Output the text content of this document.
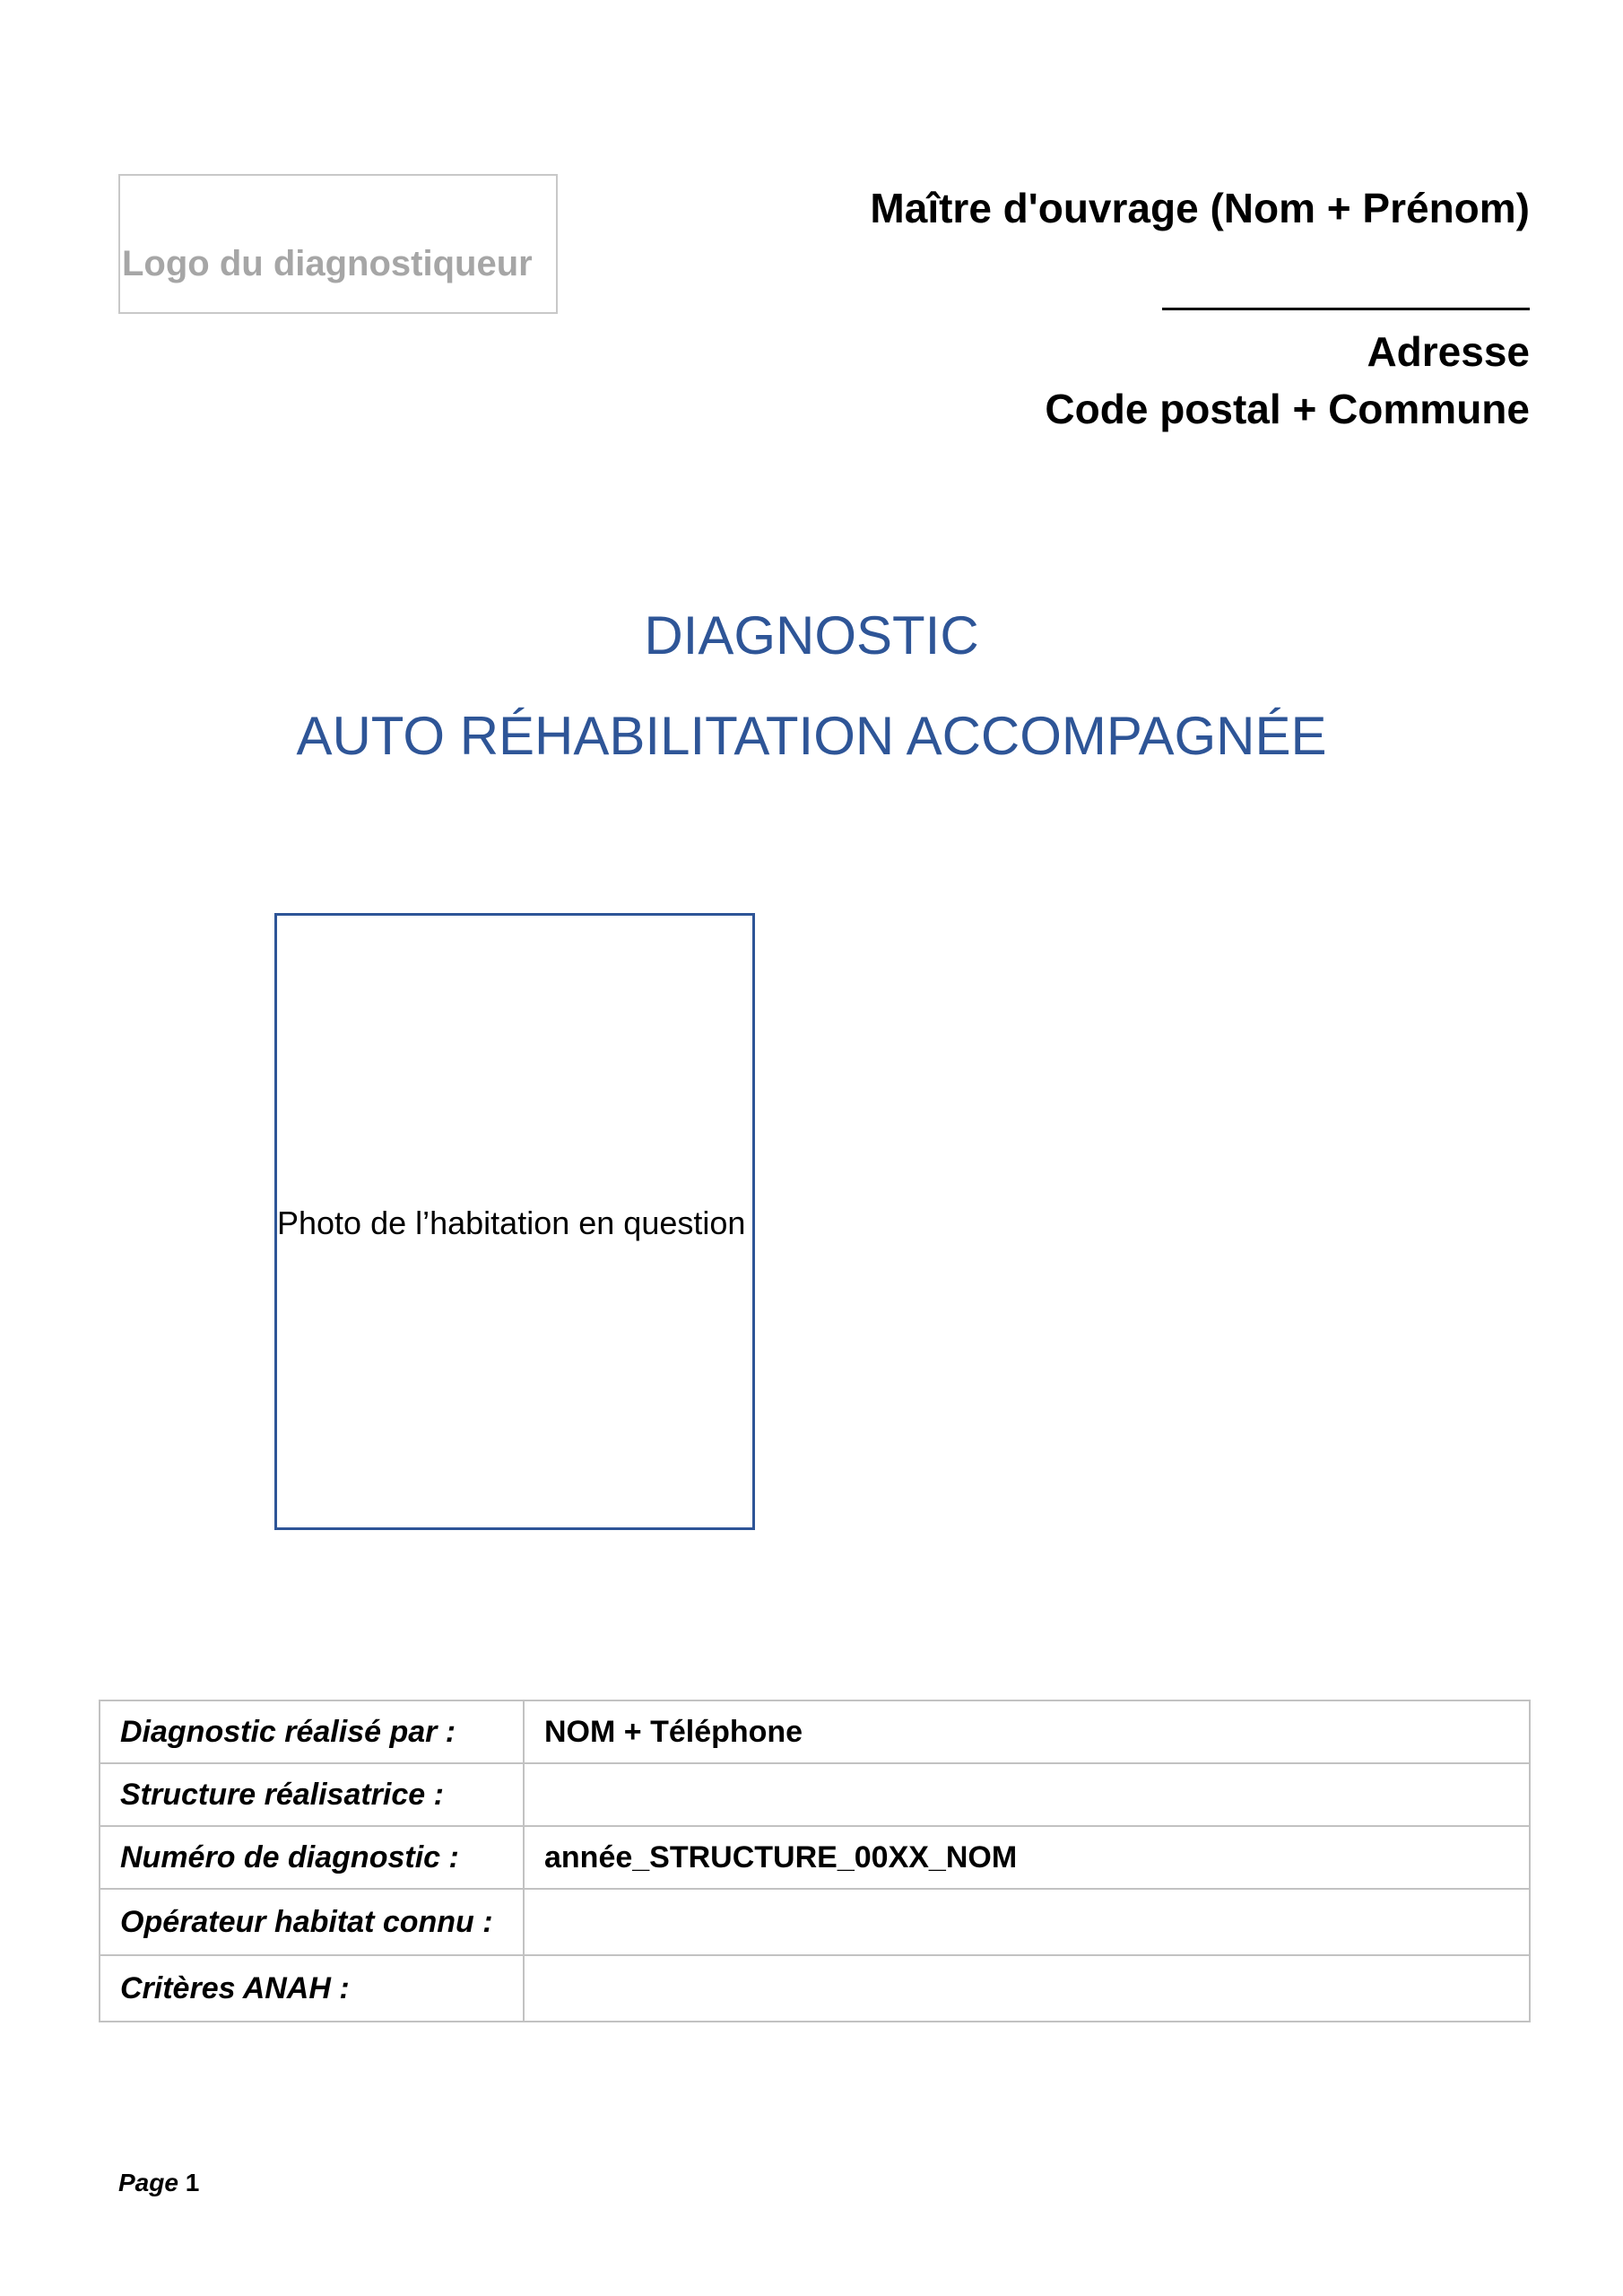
Logo du diagnostiqueur
Maître d'ouvrage (Nom + Prénom)
Adresse
Code postal + Commune
DIAGNOSTIC
AUTO RÉHABILITATION ACCOMPAGNÉE
Photo de l’habitation en question
Diagnostic réalisé par :	NOM + Téléphone
Structure réalisatrice :	
Numéro de diagnostic :	année_STRUCTURE_00XX_NOM
Opérateur habitat connu :	
Critères ANAH :	
Page 1
